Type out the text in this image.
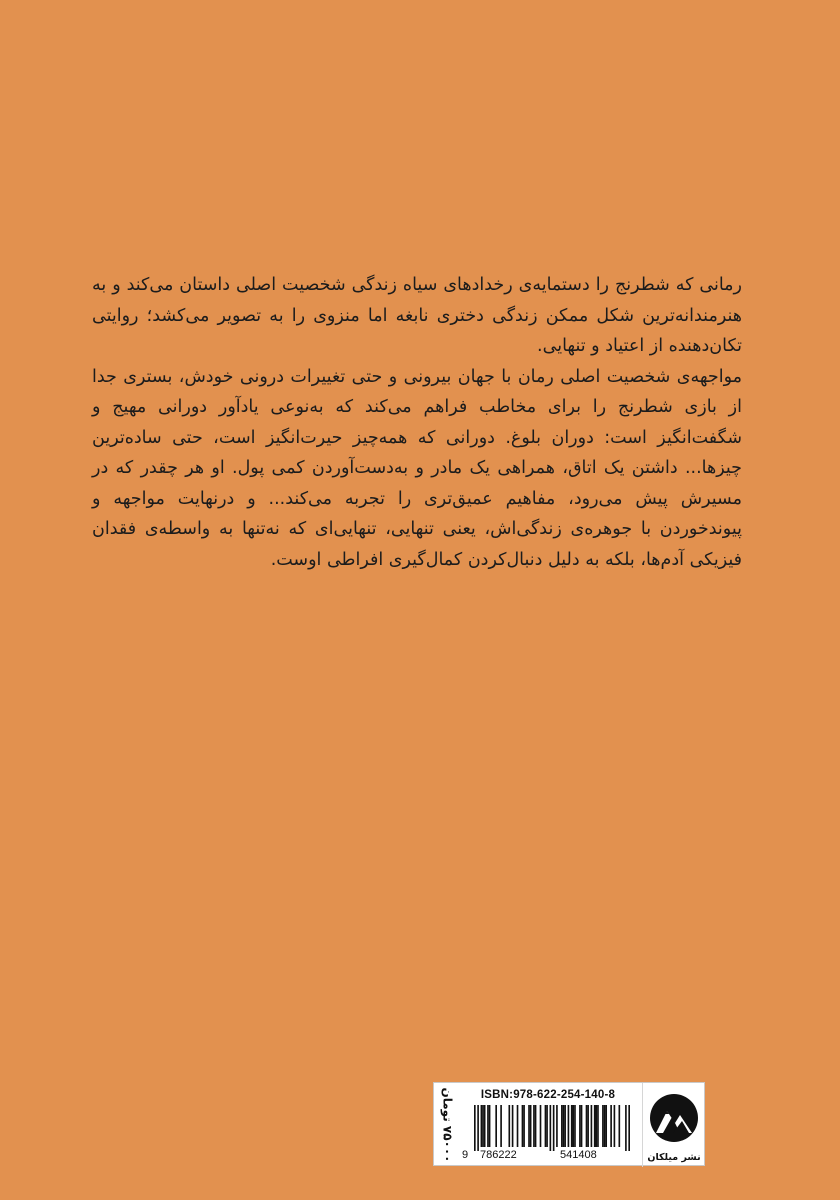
رمانی که شطرنج را دستمایه‌ی رخدادهای سیاه زندگی شخصیت اصلی داستان می‌کند و به هنرمندانه‌ترین شکل ممکن زندگی دختری نابغه اما منزوی را به تصویر می‌کشد؛ روایتی تکان‌دهنده از اعتیاد و تنهایی.

مواجهه‌ی شخصیت اصلی رمان با جهان بیرونی و حتی تغییرات درونی خودش، بستری جدا از بازی شطرنج را برای مخاطب فراهم می‌کند که به‌نوعی یادآور دورانی مهیج و شگفت‌انگیز است: دوران بلوغ. دورانی که همه‌چیز حیرت‌انگیز است، حتی ساده‌ترین چیزها... داشتن یک اتاق، همراهی یک مادر و به‌دست‌آوردن کمی پول. او هر چقدر که در مسیرش پیش می‌رود، مفاهیم عمیق‌تری را تجربه می‌کند... و درنهایت مواجهه و پیوندخوردن با جوهره‌ی زندگی‌اش، یعنی تنهایی، تنهایی‌ای که نه‌تنها به واسطه‌ی فقدان فیزیکی آدم‌ها، بلکه به دلیل دنبال‌کردن کمال‌گیری افراطی اوست.

۷۵۰۰۰ تومان
ISBN:978-622-254-140-8
9 786222	541408	نشر میلکان
